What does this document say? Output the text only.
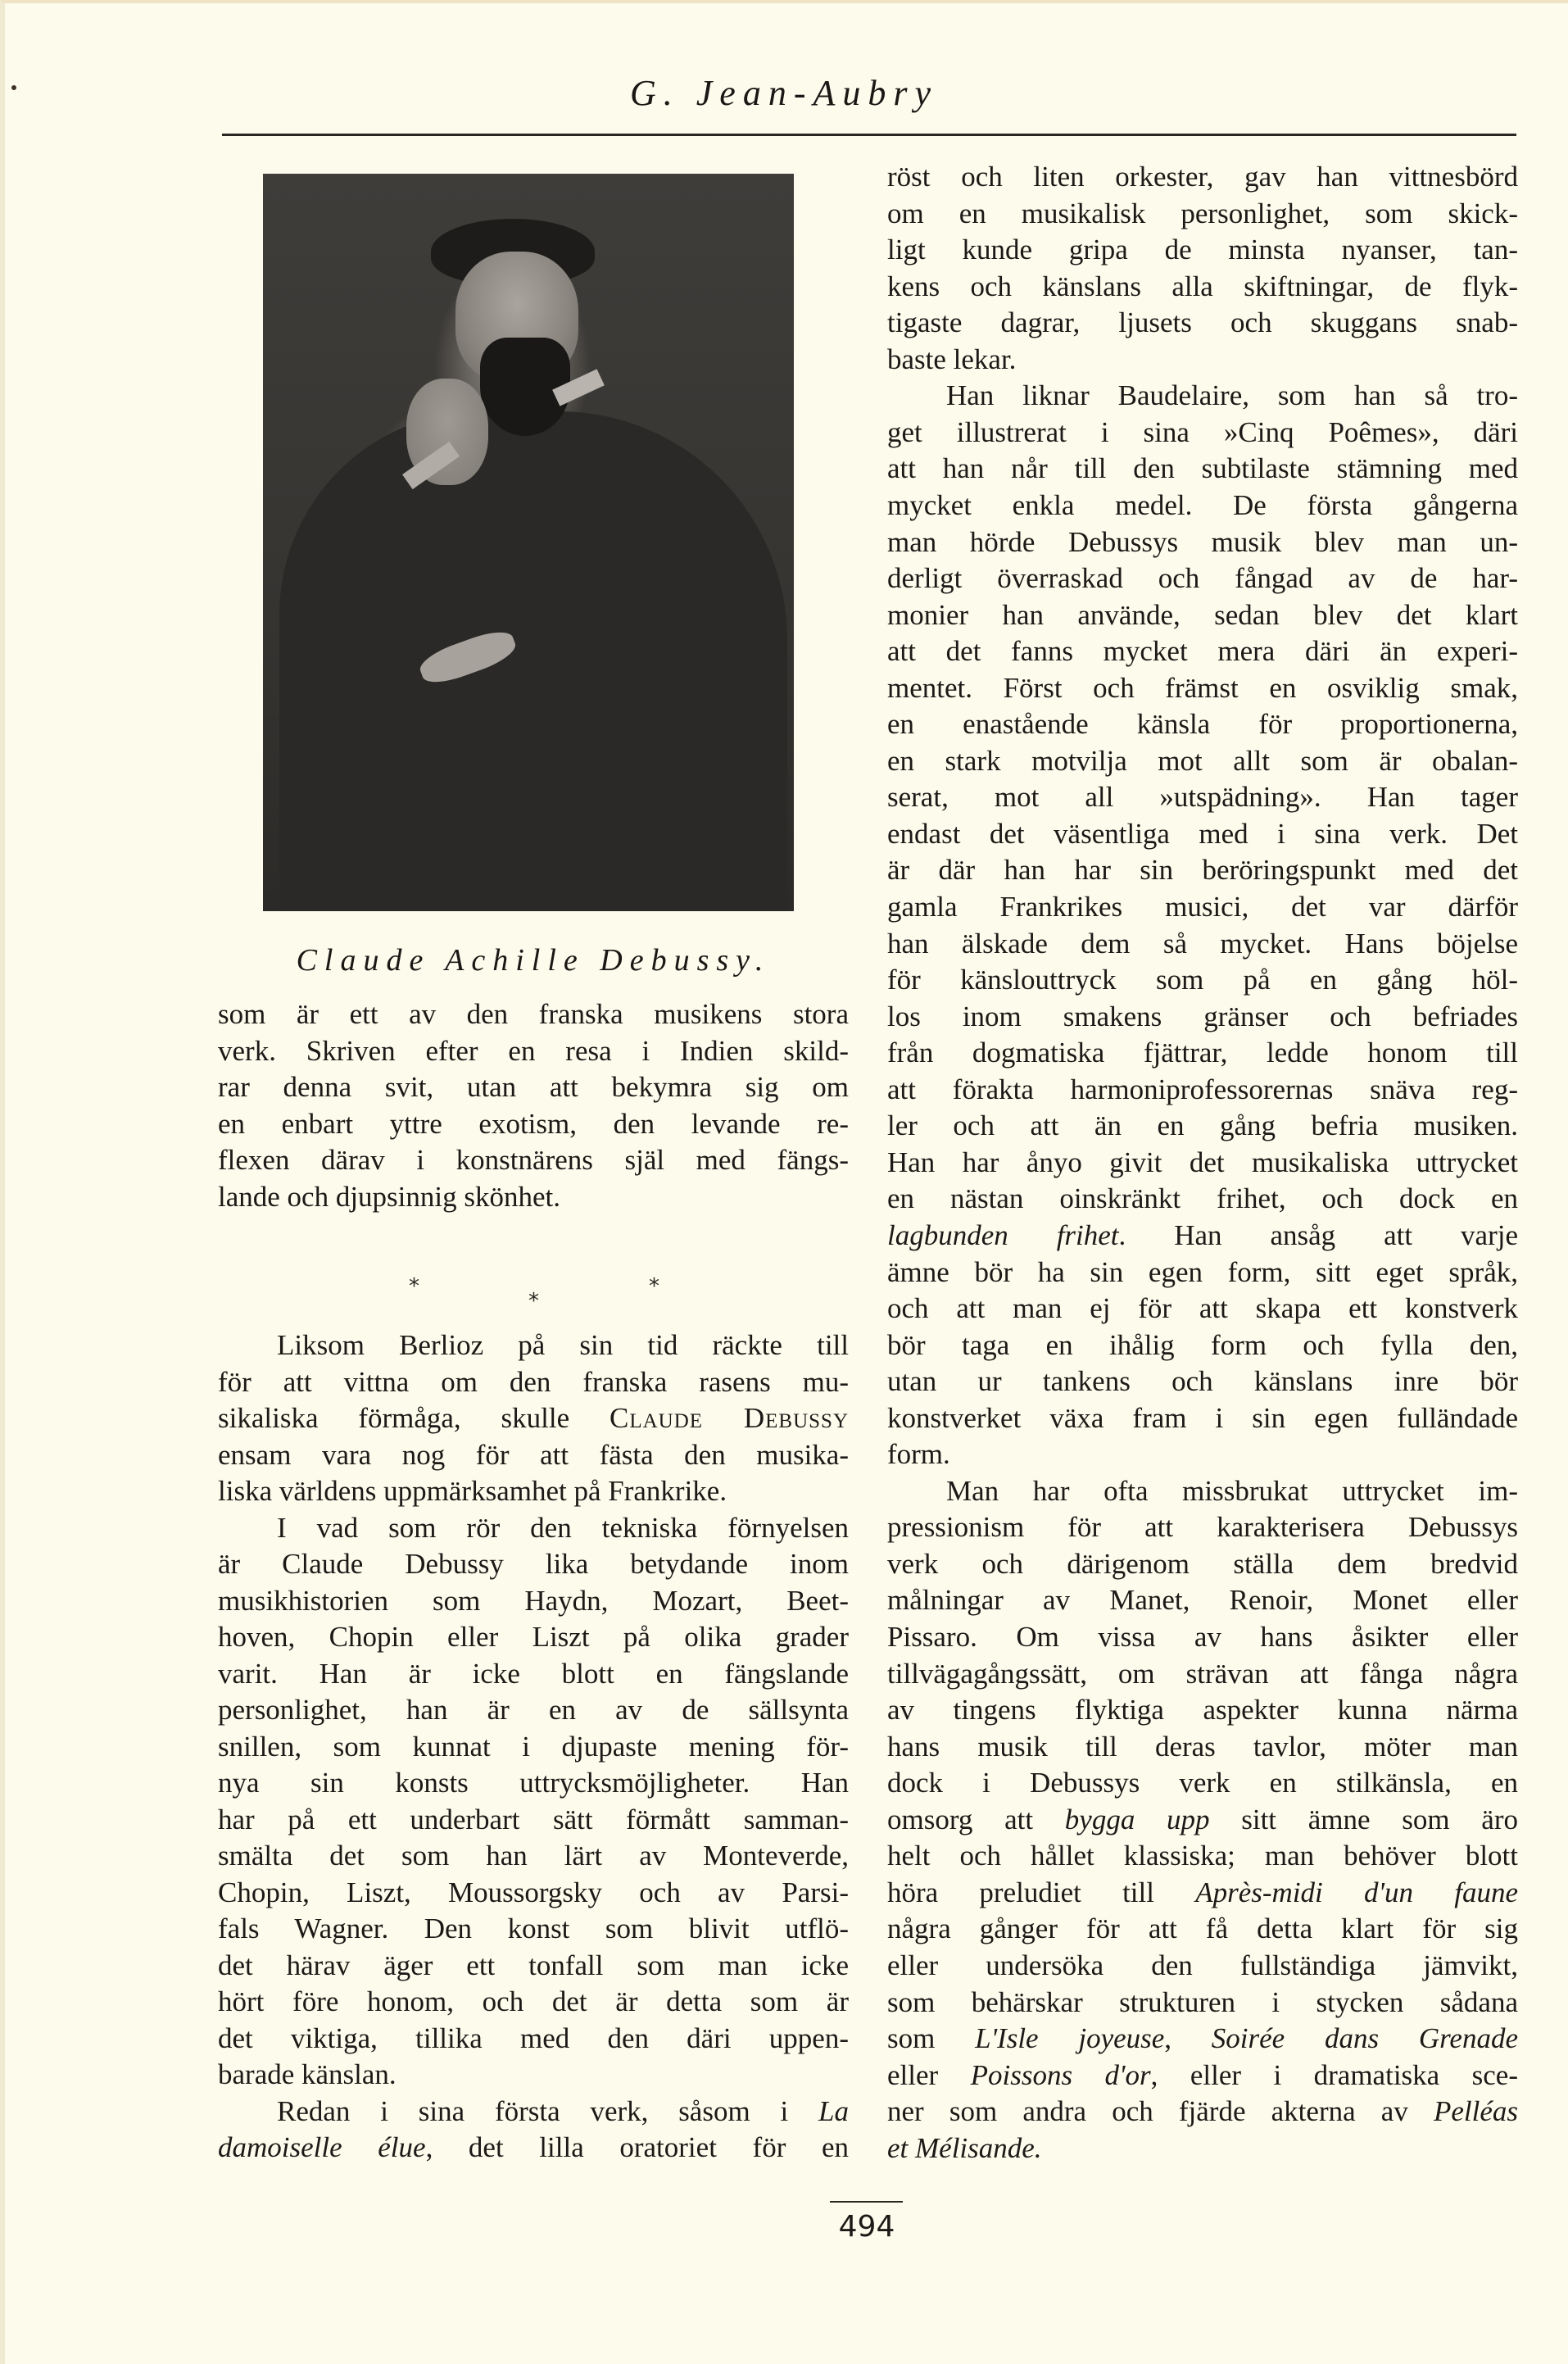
G. Jean-Aubry
Claude Achille Debussy.
som är ett av den franska musikens stora
verk. Skriven efter en resa i Indien skild-
rar denna svit, utan att bekymra sig om
en enbart yttre exotism, den levande re-
flexen därav i konstnärens själ med fängs-
lande och djupsinnig skönhet.
Liksom Berlioz på sin tid räckte till
för att vittna om den franska rasens mu-
sikaliska förmåga, skulle Claude Debussy
ensam vara nog för att fästa den musika-
liska världens uppmärksamhet på Frankrike.
I vad som rör den tekniska förnyelsen
är Claude Debussy lika betydande inom
musikhistorien som Haydn, Mozart, Beet-
hoven, Chopin eller Liszt på olika grader
varit. Han är icke blott en fängslande
personlighet, han är en av de sällsynta
snillen, som kunnat i djupaste mening för-
nya sin konsts uttrycksmöjligheter. Han
har på ett underbart sätt förmått samman-
smälta det som han lärt av Monteverde,
Chopin, Liszt, Moussorgsky och av Parsi-
fals Wagner. Den konst som blivit utflö-
det härav äger ett tonfall som man icke
hört före honom, och det är detta som är
det viktiga, tillika med den däri uppen-
barade känslan.
Redan i sina första verk, såsom i La
damoiselle élue, det lilla oratoriet för en
*
*
*
röst och liten orkester, gav han vittnesbörd
om en musikalisk personlighet, som skick-
ligt kunde gripa de minsta nyanser, tan-
kens och känslans alla skiftningar, de flyk-
tigaste dagrar, ljusets och skuggans snab-
baste lekar.
Han liknar Baudelaire, som han så tro-
get illustrerat i sina »Cinq Poêmes», däri
att han når till den subtilaste stämning med
mycket enkla medel. De första gångerna
man hörde Debussys musik blev man un-
derligt överraskad och fångad av de har-
monier han använde, sedan blev det klart
att det fanns mycket mera däri än experi-
mentet. Först och främst en osviklig smak,
en enastående känsla för proportionerna,
en stark motvilja mot allt som är obalan-
serat, mot all »utspädning». Han tager
endast det väsentliga med i sina verk. Det
är där han har sin beröringspunkt med det
gamla Frankrikes musici, det var därför
han älskade dem så mycket. Hans böjelse
för känslouttryck som på en gång höl-
los inom smakens gränser och befriades
från dogmatiska fjättrar, ledde honom till
att förakta harmoniprofessorernas snäva reg-
ler och att än en gång befria musiken.
Han har ånyo givit det musikaliska uttrycket
en nästan oinskränkt frihet, och dock en
lagbunden frihet. Han ansåg att varje
ämne bör ha sin egen form, sitt eget språk,
och att man ej för att skapa ett konstverk
bör taga en ihålig form och fylla den,
utan ur tankens och känslans inre bör
konstverket växa fram i sin egen fulländade
form.
Man har ofta missbrukat uttrycket im-
pressionism för att karakterisera Debussys
verk och därigenom ställa dem bredvid
målningar av Manet, Renoir, Monet eller
Pissaro. Om vissa av hans åsikter eller
tillvägagångssätt, om strävan att fånga några
av tingens flyktiga aspekter kunna närma
hans musik till deras tavlor, möter man
dock i Debussys verk en stilkänsla, en
omsorg att bygga upp sitt ämne som äro
helt och hållet klassiska; man behöver blott
höra preludiet till Après-midi d'un faune
några gånger för att få detta klart för sig
eller undersöka den fullständiga jämvikt,
som behärskar strukturen i stycken sådana
som L'Isle joyeuse, Soirée dans Grenade
eller Poissons d'or, eller i dramatiska sce-
ner som andra och fjärde akterna av Pelléas
et Mélisande.
494
